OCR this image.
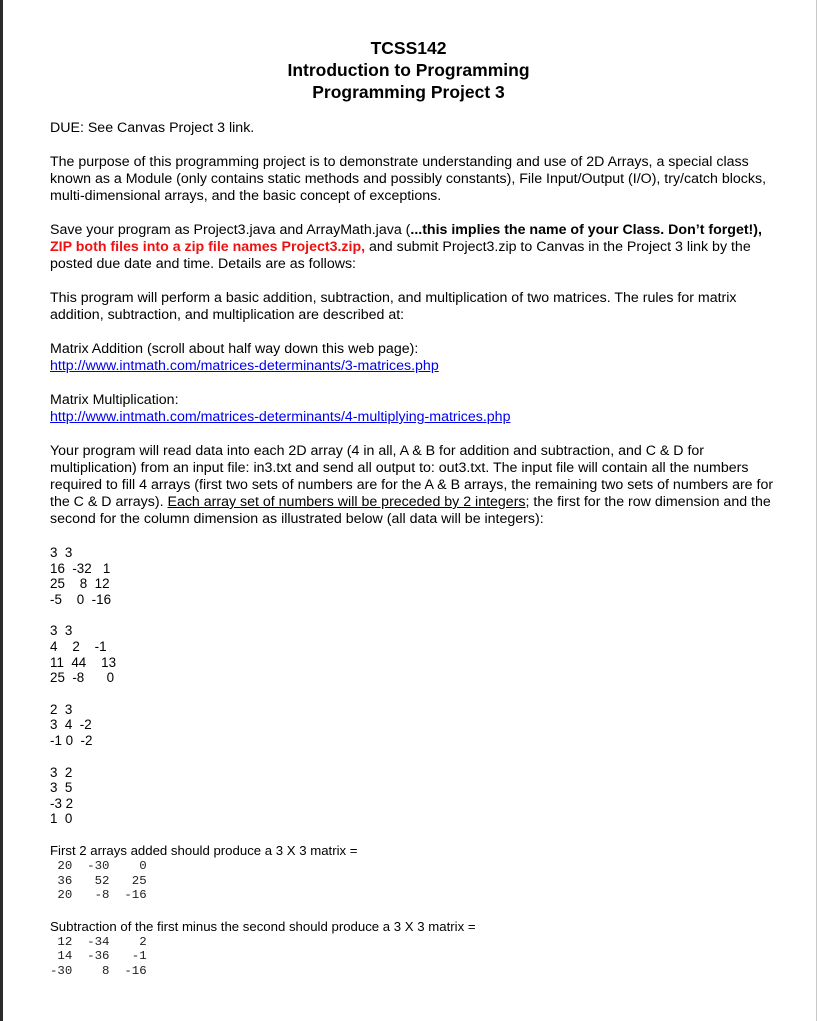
TCSS142
Introduction to Programming
Programming Project 3

DUE: See Canvas Project 3 link.

The purpose of this programming project is to demonstrate understanding and use of 2D Arrays, a special class known as a Module (only contains static methods and possibly constants), File Input/Output (I/O), try/catch blocks, multi-dimensional arrays, and the basic concept of exceptions.

Save your program as Project3.java and ArrayMath.java (...this implies the name of your Class. Don’t forget!), ZIP both files into a zip file names Project3.zip, and submit Project3.zip to Canvas in the Project 3 link by the posted due date and time. Details are as follows:

This program will perform a basic addition, subtraction, and multiplication of two matrices. The rules for matrix addition, subtraction, and multiplication are described at:

Matrix Addition (scroll about half way down this web page):
http://www.intmath.com/matrices-determinants/3-matrices.php

Matrix Multiplication:
http://www.intmath.com/matrices-determinants/4-multiplying-matrices.php

Your program will read data into each 2D array (4 in all, A & B for addition and subtraction, and C & D for multiplication) from an input file: in3.txt and send all output to: out3.txt. The input file will contain all the numbers required to fill 4 arrays (first two sets of numbers are for the A & B arrays, the remaining two sets of numbers are for the C & D arrays). Each array set of numbers will be preceded by 2 integers; the first for the row dimension and the second for the column dimension as illustrated below (all data will be integers):

3  3
16  -32   1
25    8  12
-5    0  -16
3  3
4    2    -1
11  44    13
25  -8      0
2  3
3  4  -2
-1 0  -2
3  2
3  5
-3 2
1  0

First 2 arrays added should produce a 3 X 3 matrix =

20  -30    0
36   52   25
20   -8  -16

Subtraction of the first minus the second should produce a 3 X 3 matrix =

12  -34    2
14  -36   -1
-30    8  -16
